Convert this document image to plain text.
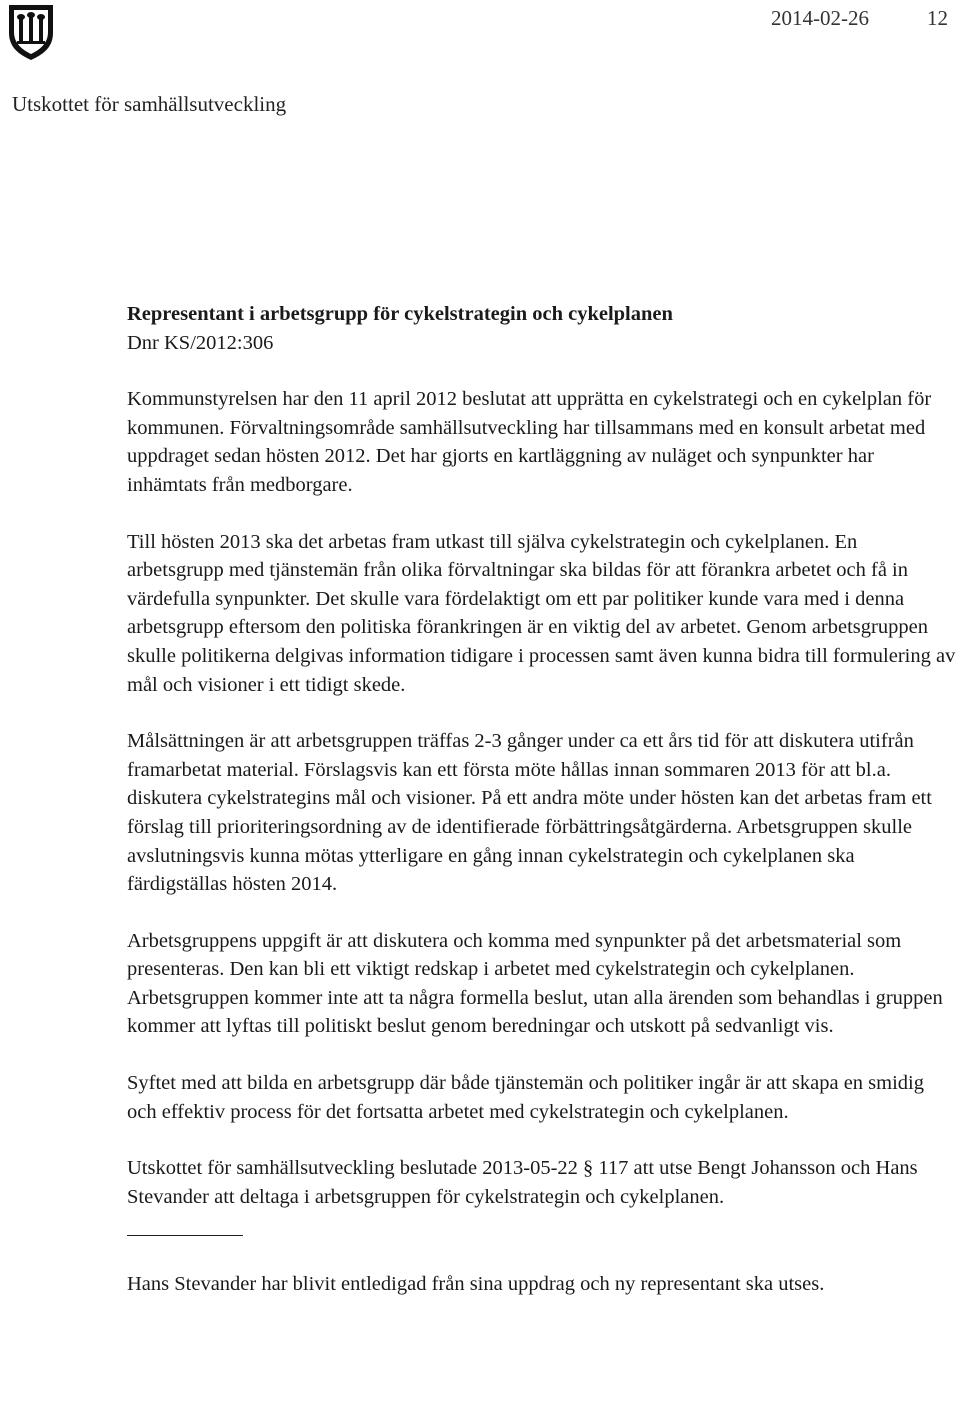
2014-02-26	12
Utskottet för samhällsutveckling
Representant i arbetsgrupp för cykelstrategin och cykelplanen
Dnr KS/2012:306

Kommunstyrelsen har den 11 april 2012 beslutat att upprätta en cykelstrategi och en cykelplan för kommunen. Förvaltningsområde samhällsutveckling har tillsammans med en konsult arbetat med uppdraget sedan hösten 2012. Det har gjorts en kartläggning av nuläget och synpunkter har inhämtats från medborgare.

Till hösten 2013 ska det arbetas fram utkast till själva cykelstrategin och cykelplanen. En arbetsgrupp med tjänstemän från olika förvaltningar ska bildas för att förankra arbetet och få in värdefulla synpunkter. Det skulle vara fördelaktigt om ett par politiker kunde vara med i denna arbetsgrupp eftersom den politiska förankringen är en viktig del av arbetet. Genom arbetsgruppen skulle politikerna delgivas information tidigare i processen samt även kunna bidra till formulering av mål och visioner i ett tidigt skede.

Målsättningen är att arbetsgruppen träffas 2-3 gånger under ca ett års tid för att diskutera utifrån framarbetat material. Förslagsvis kan ett första möte hållas innan sommaren 2013 för att bl.a. diskutera cykelstrategins mål och visioner. På ett andra möte under hösten kan det arbetas fram ett förslag till prioriteringsordning av de identifierade förbättringsåtgärderna. Arbetsgruppen skulle avslutningsvis kunna mötas ytterligare en gång innan cykelstrategin och cykelplanen ska färdigställas hösten 2014.

Arbetsgruppens uppgift är att diskutera och komma med synpunkter på det arbetsmaterial som presenteras. Den kan bli ett viktigt redskap i arbetet med cykelstrategin och cykelplanen. Arbetsgruppen kommer inte att ta några formella beslut, utan alla ärenden som behandlas i gruppen kommer att lyftas till politiskt beslut genom beredningar och utskott på sedvanligt vis.

Syftet med att bilda en arbetsgrupp där både tjänstemän och politiker ingår är att skapa en smidig och effektiv process för det fortsatta arbetet med cykelstrategin och cykelplanen.

Utskottet för samhällsutveckling beslutade 2013-05-22 § 117 att utse Bengt Johansson och Hans Stevander att deltaga i arbetsgruppen för cykelstrategin och cykelplanen.

Hans Stevander har blivit entledigad från sina uppdrag och ny representant ska utses.
